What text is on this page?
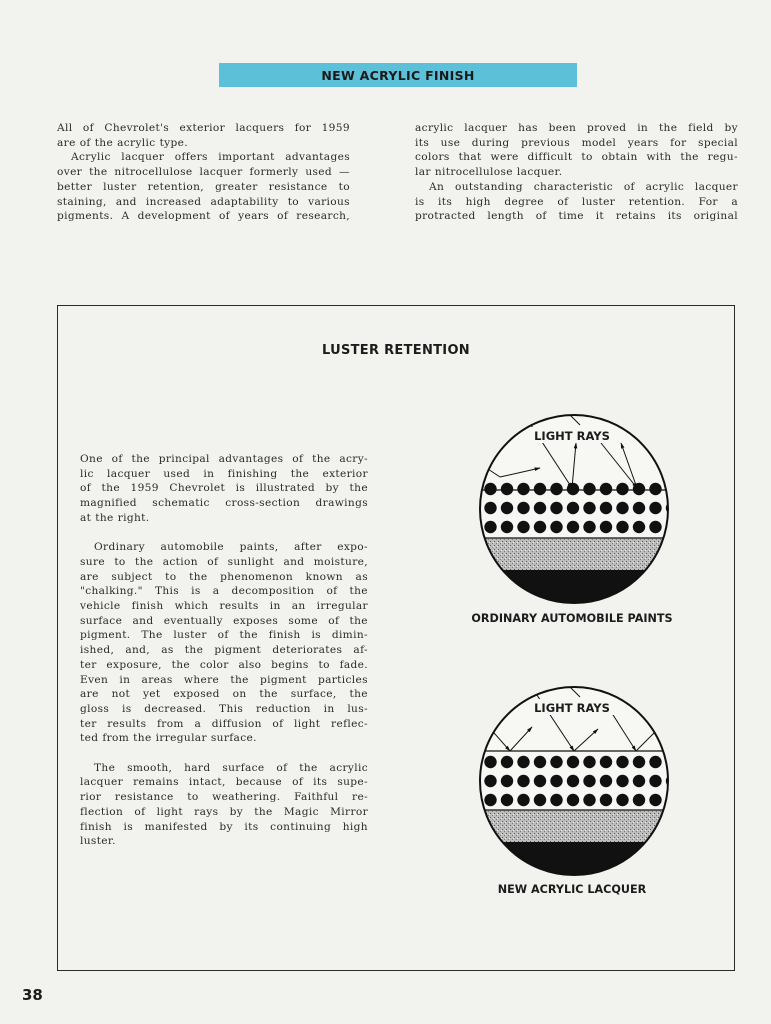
NEW ACRYLIC FINISH
All of Chevrolet's exterior lacquers for 1959
are of the acrylic type.
Acrylic lacquer offers important advantages
over the nitrocellulose lacquer formerly used —
better luster retention, greater resistance to
staining, and increased adaptability to various
pigments. A development of years of research,
acrylic lacquer has been proved in the field by
its use during previous model years for special
colors that were difficult to obtain with the regu-
lar nitrocellulose lacquer.
An outstanding characteristic of acrylic lacquer
is its high degree of luster retention. For a
protracted length of time it retains its original
LUSTER RETENTION
One of the principal advantages of the acry-
lic lacquer used in finishing the exterior
of the 1959 Chevrolet is illustrated by the
magnified schematic cross-section drawings
at the right.
Ordinary automobile paints, after expo-
sure to the action of sunlight and moisture,
are subject to the phenomenon known as
"chalking." This is a decomposition of the
vehicle finish which results in an irregular
surface and eventually exposes some of the
pigment. The luster of the finish is dimin-
ished, and, as the pigment deteriorates af-
ter exposure, the color also begins to fade.
Even in areas where the pigment particles
are not yet exposed on the surface, the
gloss is decreased. This reduction in lus-
ter results from a diffusion of light reflec-
ted from the irregular surface.
The smooth, hard surface of the acrylic
lacquer remains intact, because of its supe-
rior resistance to weathering. Faithful re-
flection of light rays by the Magic Mirror
finish is manifested by its continuing high
luster.
LIGHT RAYS
ORDINARY AUTOMOBILE PAINTS
LIGHT RAYS
NEW ACRYLIC LACQUER
38
